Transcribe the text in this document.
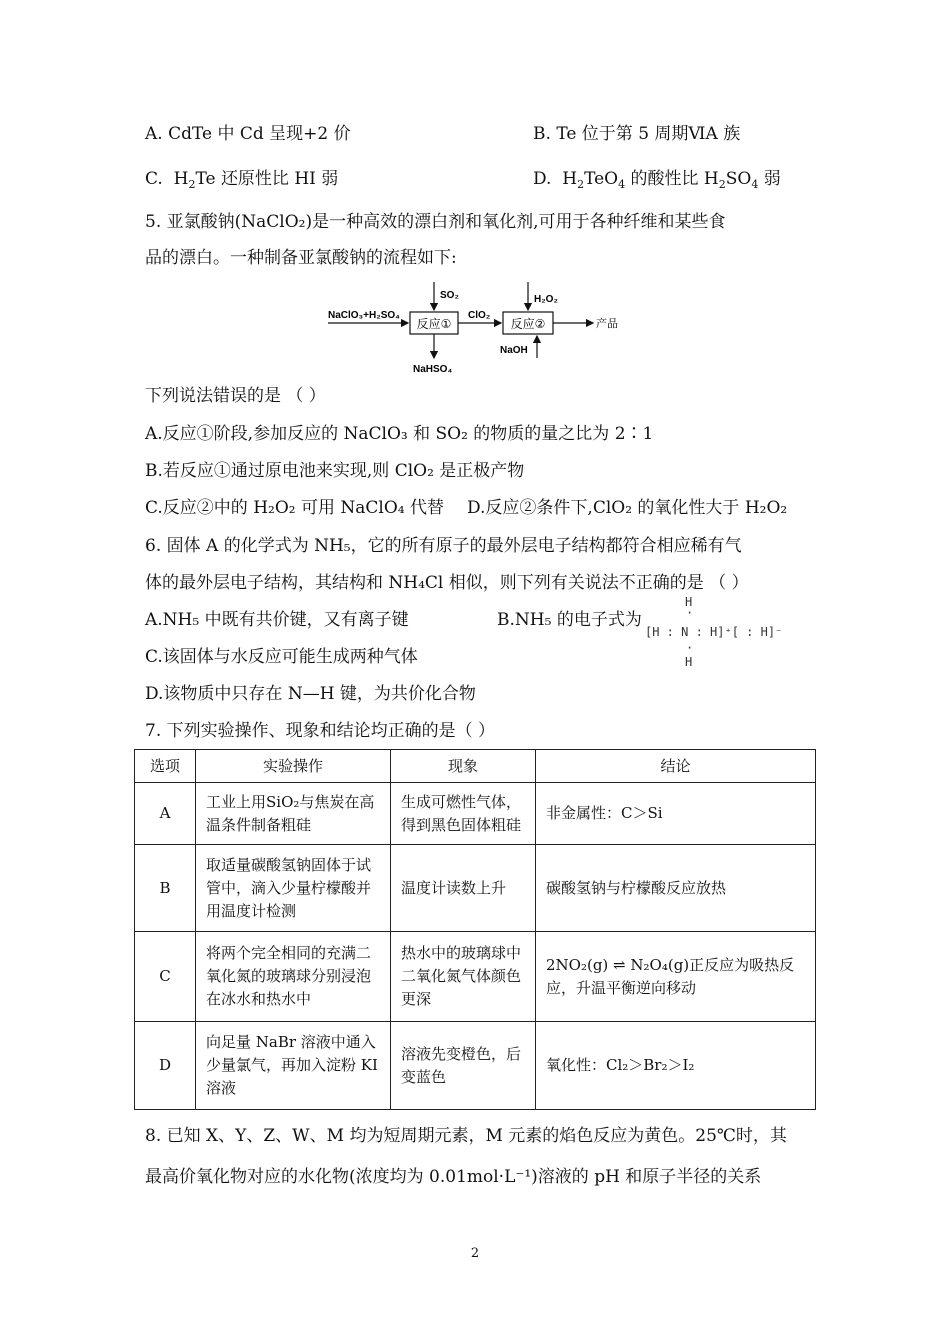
A. CdTe 中 Cd 呈现+2 价	B. Te 位于第 5 周期ⅥA 族
C.  $H_2Te$ 还原性比 HI 弱	D.  $H_2TeO_4$ 的酸性比 $H_2SO_4$ 弱
5. 亚氯酸钠(NaClO₂)是一种高效的漂白剂和氧化剂,可用于各种纤维和某些食
品的漂白。一种制备亚氯酸钠的流程如下:
NaClO₃+H₂SO₄
反应①
SO₂
NaHSO₄
ClO₂
反应②
H₂O₂
NaOH
产品
下列说法错误的是 （ ）
A.反应①阶段,参加反应的 NaClO₃ 和 SO₂ 的物质的量之比为 2∶1
B.若反应①通过原电池来实现,则 ClO₂ 是正极产物
C.反应②中的 H₂O₂ 可用 NaClO₄ 代替 D.反应②条件下,ClO₂ 的氧化性大于 H₂O₂
6. 固体 A 的化学式为 NH₅，它的所有原子的最外层电子结构都符合相应稀有气
体的最外层电子结构，其结构和 NH₄Cl 相似，则下列有关说法不正确的是 （ ）
A.NH₅ 中既有共价键，又有离子键	B.NH₅ 的电子式为
H
·

[H : N : H]⁺[ : H]⁻
·
H
C.该固体与水反应可能生成两种气体
D.该物质中只存在 N—H 键，为共价化合物
7. 下列实验操作、现象和结论均正确的是（ ）
选项	实验操作	现象	结论
A	工业上用SiO₂与焦炭在高温条件制备粗硅	生成可燃性气体，得到黑色固体粗硅	非金属性：C＞Si
B	取适量碳酸氢钠固体于试管中，滴入少量柠檬酸并用温度计检测	温度计读数上升	碳酸氢钠与柠檬酸反应放热
C	将两个完全相同的充满二氧化氮的玻璃球分别浸泡在冰水和热水中	热水中的玻璃球中二氧化氮气体颜色更深	2NO₂(g) ⇌ N₂O₄(g)正反应为吸热反应，升温平衡逆向移动
D	向足量 NaBr 溶液中通入少量氯气，再加入淀粉 KI 溶液	溶液先变橙色，后变蓝色	氧化性：Cl₂＞Br₂＞I₂
8. 已知 X、Y、Z、W、M 均为短周期元素，M 元素的焰色反应为黄色。25℃时，其
最高价氧化物对应的水化物(浓度均为 0.01mol·L⁻¹)溶液的 pH 和原子半径的关系
2
